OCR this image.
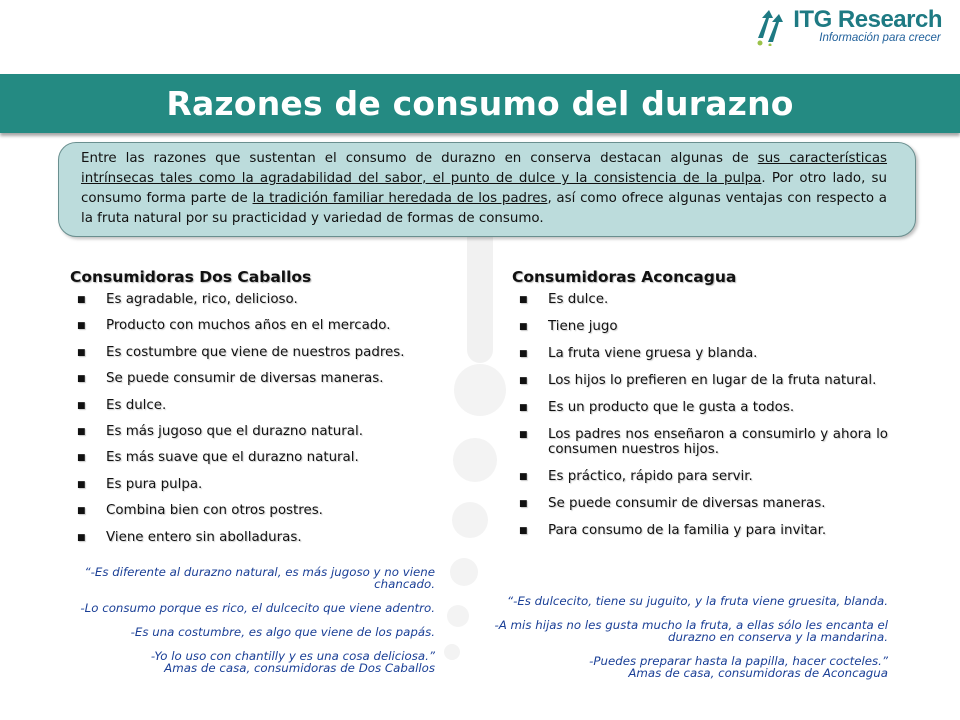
ITG Research
Información para crecer
Razones de consumo del durazno
Entre las razones que sustentan el consumo de durazno en conserva destacan algunas de sus características intrínsecas tales como la agradabilidad del sabor, el punto de dulce y la consistencia de la pulpa. Por otro lado, su consumo forma parte de la tradición familiar heredada de los padres, así como ofrece algunas ventajas con respecto a la fruta natural por su practicidad y variedad de formas de consumo.
Consumidoras Dos Caballos
■ Es agradable, rico, delicioso.
■ Producto con muchos años en el mercado.
■ Es costumbre que viene de nuestros padres.
■ Se puede consumir de diversas maneras.
■ Es dulce.
■ Es más jugoso que el durazno natural.
■ Es más suave que el durazno natural.
■ Es pura pulpa.
■ Combina bien con otros postres.
■ Viene entero sin abolladuras.
Consumidoras Aconcagua
■ Es dulce.
■ Tiene jugo
■ La fruta viene gruesa y blanda.
■ Los hijos lo prefieren en lugar de la fruta natural.
■ Es un producto que le gusta a todos.
■ Los padres nos enseñaron a consumirlo y ahora lo consumen nuestros hijos.
■ Es práctico, rápido para servir.
■ Se puede consumir de diversas maneras.
■ Para consumo de la familia y para invitar.

“-Es diferente al durazno natural, es más jugoso y no viene chancado.

-Lo consumo porque es rico, el dulcecito que viene adentro.

-Es una costumbre, es algo que viene de los papás.

-Yo lo uso con chantilly y es una cosa deliciosa.”

Amas de casa, consumidoras de Dos Caballos

“-Es dulcecito, tiene su juguito, y la fruta viene gruesita, blanda.

-A mis hijas no les gusta mucho la fruta, a ellas sólo les encanta el durazno en conserva y la mandarina.

-Puedes preparar hasta la papilla, hacer cocteles.”

Amas de casa, consumidoras de Aconcagua
